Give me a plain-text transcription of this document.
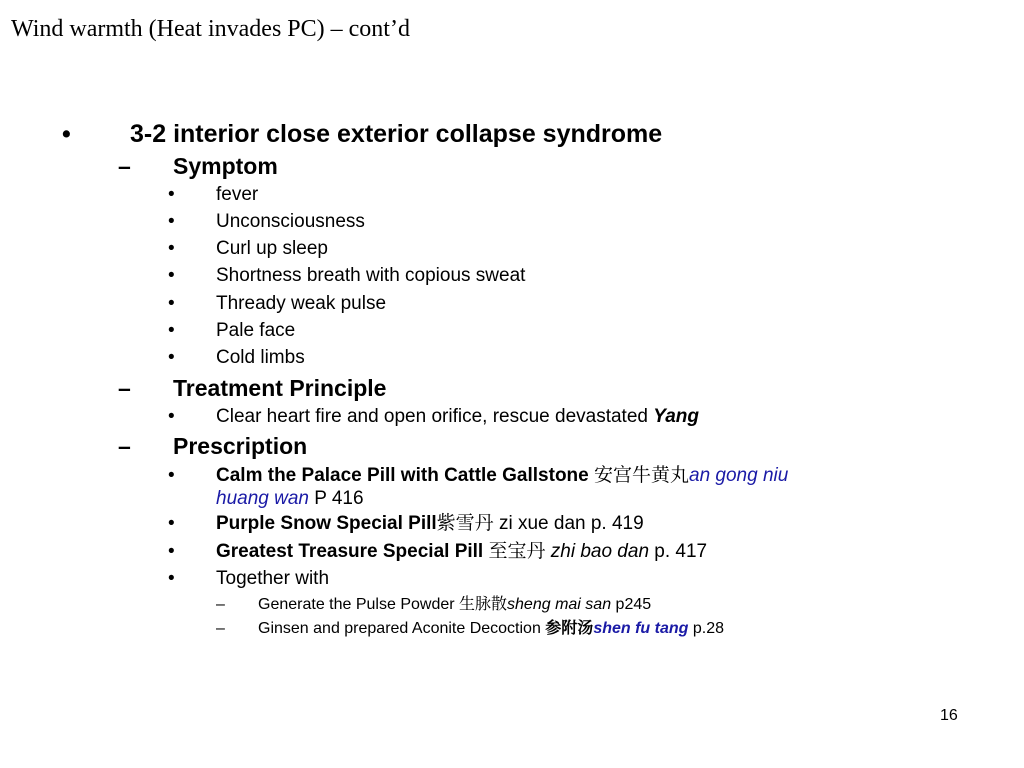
Wind warmth (Heat invades PC) – cont’d
• 3-2 interior close exterior collapse syndrome
– Symptom
• fever
• Unconsciousness
• Curl up sleep
• Shortness breath with copious sweat
• Thready weak pulse
• Pale face
• Cold limbs
– Treatment Principle
• Clear heart fire and open orifice, rescue devastated Yang
– Prescription
• Calm the Palace Pill with Cattle Gallstone 安宫牛黄丸an gong niu
huang wan P 416
• Purple Snow Special Pill紫雪丹 zi xue dan p. 419
• Greatest Treasure Special Pill 至宝丹 zhi bao dan p. 417
• Together with
– Generate the Pulse Powder 生脉散sheng mai san p245
– Ginsen and prepared Aconite Decoction 参附汤shen fu tang p.28
16
